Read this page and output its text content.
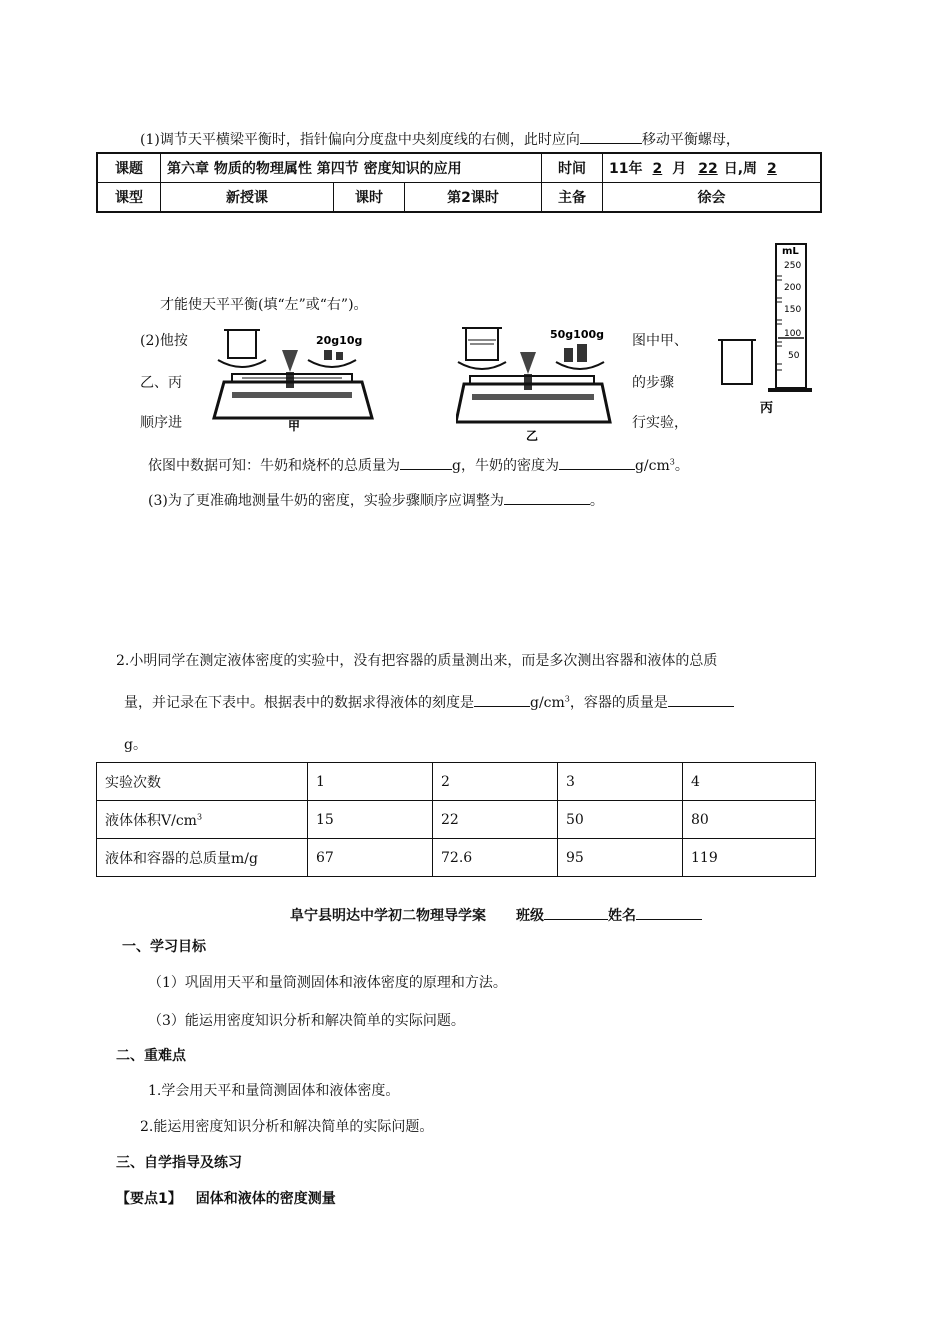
(1)调节天平横梁平衡时，指针偏向分度盘中央刻度线的右侧，此时应向	移动平衡螺母，
课题	第六章 物质的物理属性 第四节 密度知识的应用			时间	11年 2 月 22 日,周 2
课型	新授课	课时	第2课时	主备	徐会
才能使天平平衡(填“左”或“右”)。
(2)他按	图中甲、
乙、丙	的步骤
顺序进	行实验，
20g10g
甲
50g100g
乙
mL
250
200
150
100
50
丙
依图中数据可知：牛奶和烧杯的总质量为	g，牛奶的密度为	$g/cm^3$。
(3)为了更准确地测量牛奶的密度，实验步骤顺序应调整为	。
2.小明同学在测定液体密度的实验中，没有把容器的质量测出来，而是多次测出容器和液体的总质
量，并记录在下表中。根据表中的数据求得液体的刻度是	$g/cm^3$，容器的质量是
g。
实验次数	1	2	3	4
液体体积$V/cm^3$	15	22	50	80
液体和容器的总质量m/g	67	72.6	95	119
阜宁县明达中学初二物理导学案 班级	姓名
一、学习目标
（1）巩固用天平和量筒测固体和液体密度的原理和方法。
（3）能运用密度知识分析和解决简单的实际问题。
二、重难点
1.学会用天平和量筒测固体和液体密度。
2.能运用密度知识分析和解决简单的实际问题。
三、自学指导及练习
【要点1】 固体和液体的密度测量
